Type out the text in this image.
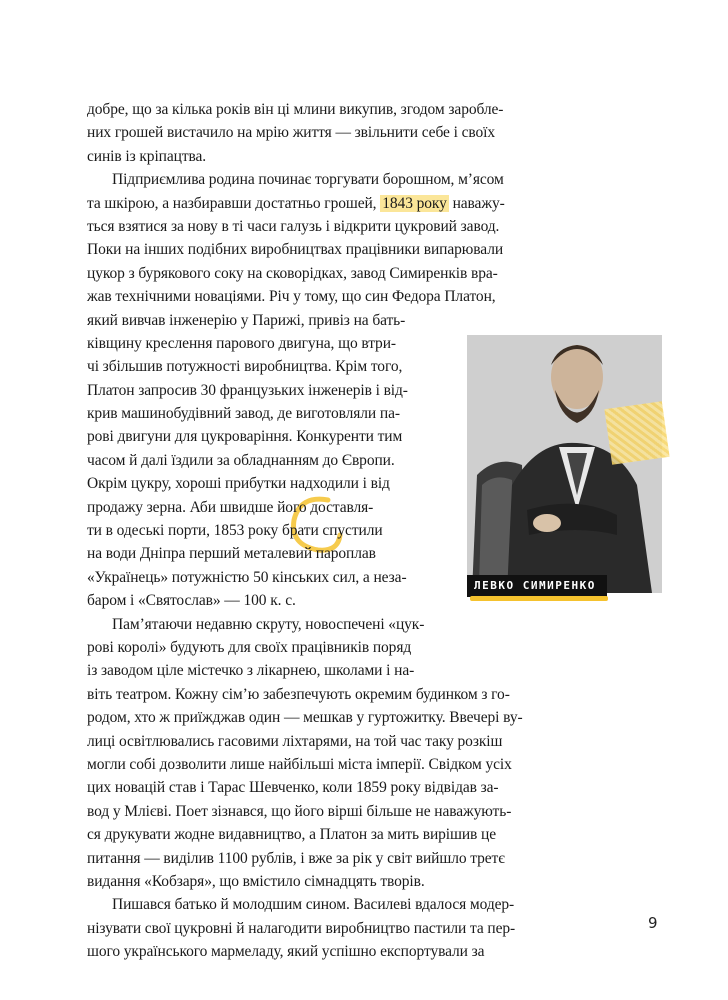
ЛЕВКО СИМИРЕНКО
добре, що за кілька років він ці млини викупив, згодом зароблe-
них грошей вистачило на мрію життя — звільнити себе і своїх
синів із кріпацтва.
Підприємлива родина починає торгувати борошном, м’ясом
та шкірою, а назбиравши достатньо грошей, 1843 року наважу-
ться взятися за нову в ті часи галузь і відкрити цукровий завод.
Поки на інших подібних виробництвах працівники випарювали
цукор з бурякового соку на сковорідках, завод Симиренків вра-
жав технічними новаціями. Річ у тому, що син Федора Платон,
який вивчав інженерію у Парижі, привіз на бать-
ківщину креслення парового двигуна, що втри-
чі збільшив потужності виробництва. Крім того,
Платон запросив 30 французьких інженерів і від-
крив машинобудівний завод, де виготовляли па-
рові двигуни для цукроваріння. Конкуренти тим
часом й далі їздили за обладнанням до Європи.
Окрім цукру, хороші прибутки надходили і від
продажу зерна. Аби швидше його доставля-
ти в одеські порти, 1853 року брати спустили
на води Дніпра перший металевий пароплав
«Українець» потужністю 50 кінських сил, а неза-
баром і «Святослав» — 100 к. с.
Пам’ятаючи недавню скруту, новоспечені «цук-
рові королі» будують для своїх працівників поряд
із заводом ціле містечко з лікарнею, школами і на-
віть театром. Кожну сім’ю забезпечують окремим будинком з го-
родом, хто ж приїжджав один — мешкав у гуртожитку. Ввечері ву-
лиці освітлювались гасовими ліхтарями, на той час таку розкіш
могли собі дозволити лише найбільші міста імперії. Свідком усіх
цих новацій став і Тарас Шевченко, коли 1859 року відвідав за-
вод у Млієві. Поет зізнався, що його вірші більше не наважують-
ся друкувати жодне видавництво, а Платон за мить вирішив це
питання — виділив 1100 рублів, і вже за рік у світ вийшло третє
видання «Кобзаря», що вмістило сімнадцять творів.
Пишався батько й молодшим сином. Василеві вдалося модер-
нізувати свої цукровні й налагодити виробництво пастили та пер-
шого українського мармеладу, який успішно експортували за
9
